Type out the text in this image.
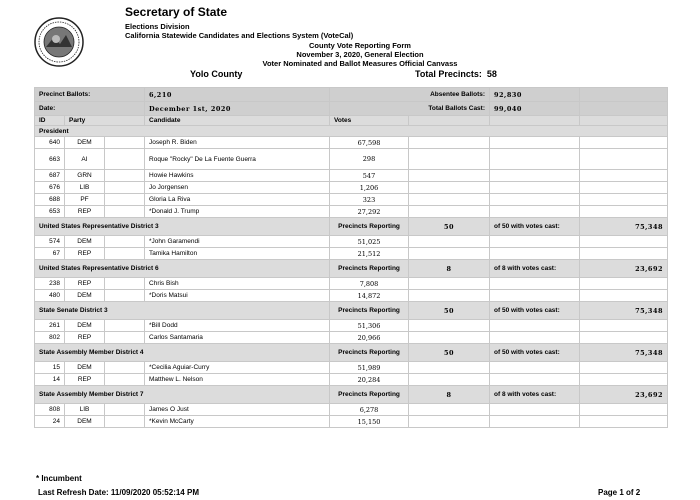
Secretary of State
Elections Division
California Statewide Candidates and Elections System (VoteCal)
County Vote Reporting Form
November 3, 2020, General Election
Voter Nominated and Ballot Measures Official Canvass
Yolo County	Total Precincts: 58
Precinct Ballots:			6,210	Absentee Ballots:		92,830	
Date:			December 1st, 2020	Total Ballots Cast:		99,040	
ID	Party		Candidate	Votes			
President							
640	DEM		Joseph R. Biden	67,598			
663	AI		Roque "Rocky" De La Fuente Guerra	298			
687	GRN		Howie Hawkins	547			
676	LIB		Jo Jorgensen	1,206			
688	PF		Gloria La Riva	323			
653	REP		*Donald J. Trump	27,292			
United States Representative District 3				Precincts Reporting	50	of 50 with votes cast:	75,348
574	DEM		*John Garamendi	51,025			
67	REP		Tamika Hamilton	21,512			
United States Representative District 6				Precincts Reporting	8	of 8 with votes cast:	23,692
238	REP		Chris Bish	7,808			
480	DEM		*Doris Matsui	14,872			
State Senate District 3				Precincts Reporting	50	of 50 with votes cast:	75,348
261	DEM		*Bill Dodd	51,306			
802	REP		Carlos Santamaria	20,966			
State Assembly Member District 4				Precincts Reporting	50	of 50 with votes cast:	75,348
15	DEM		*Cecilia Aguiar-Curry	51,989			
14	REP		Matthew L. Nelson	20,284			
State Assembly Member District 7				Precincts Reporting	8	of 8 with votes cast:	23,692
808	LIB		James O Just	6,278			
24	DEM		*Kevin McCarty	15,150			
* Incumbent
Last Refresh Date: 11/09/2020 05:52:14 PM	Page 1 of 2
